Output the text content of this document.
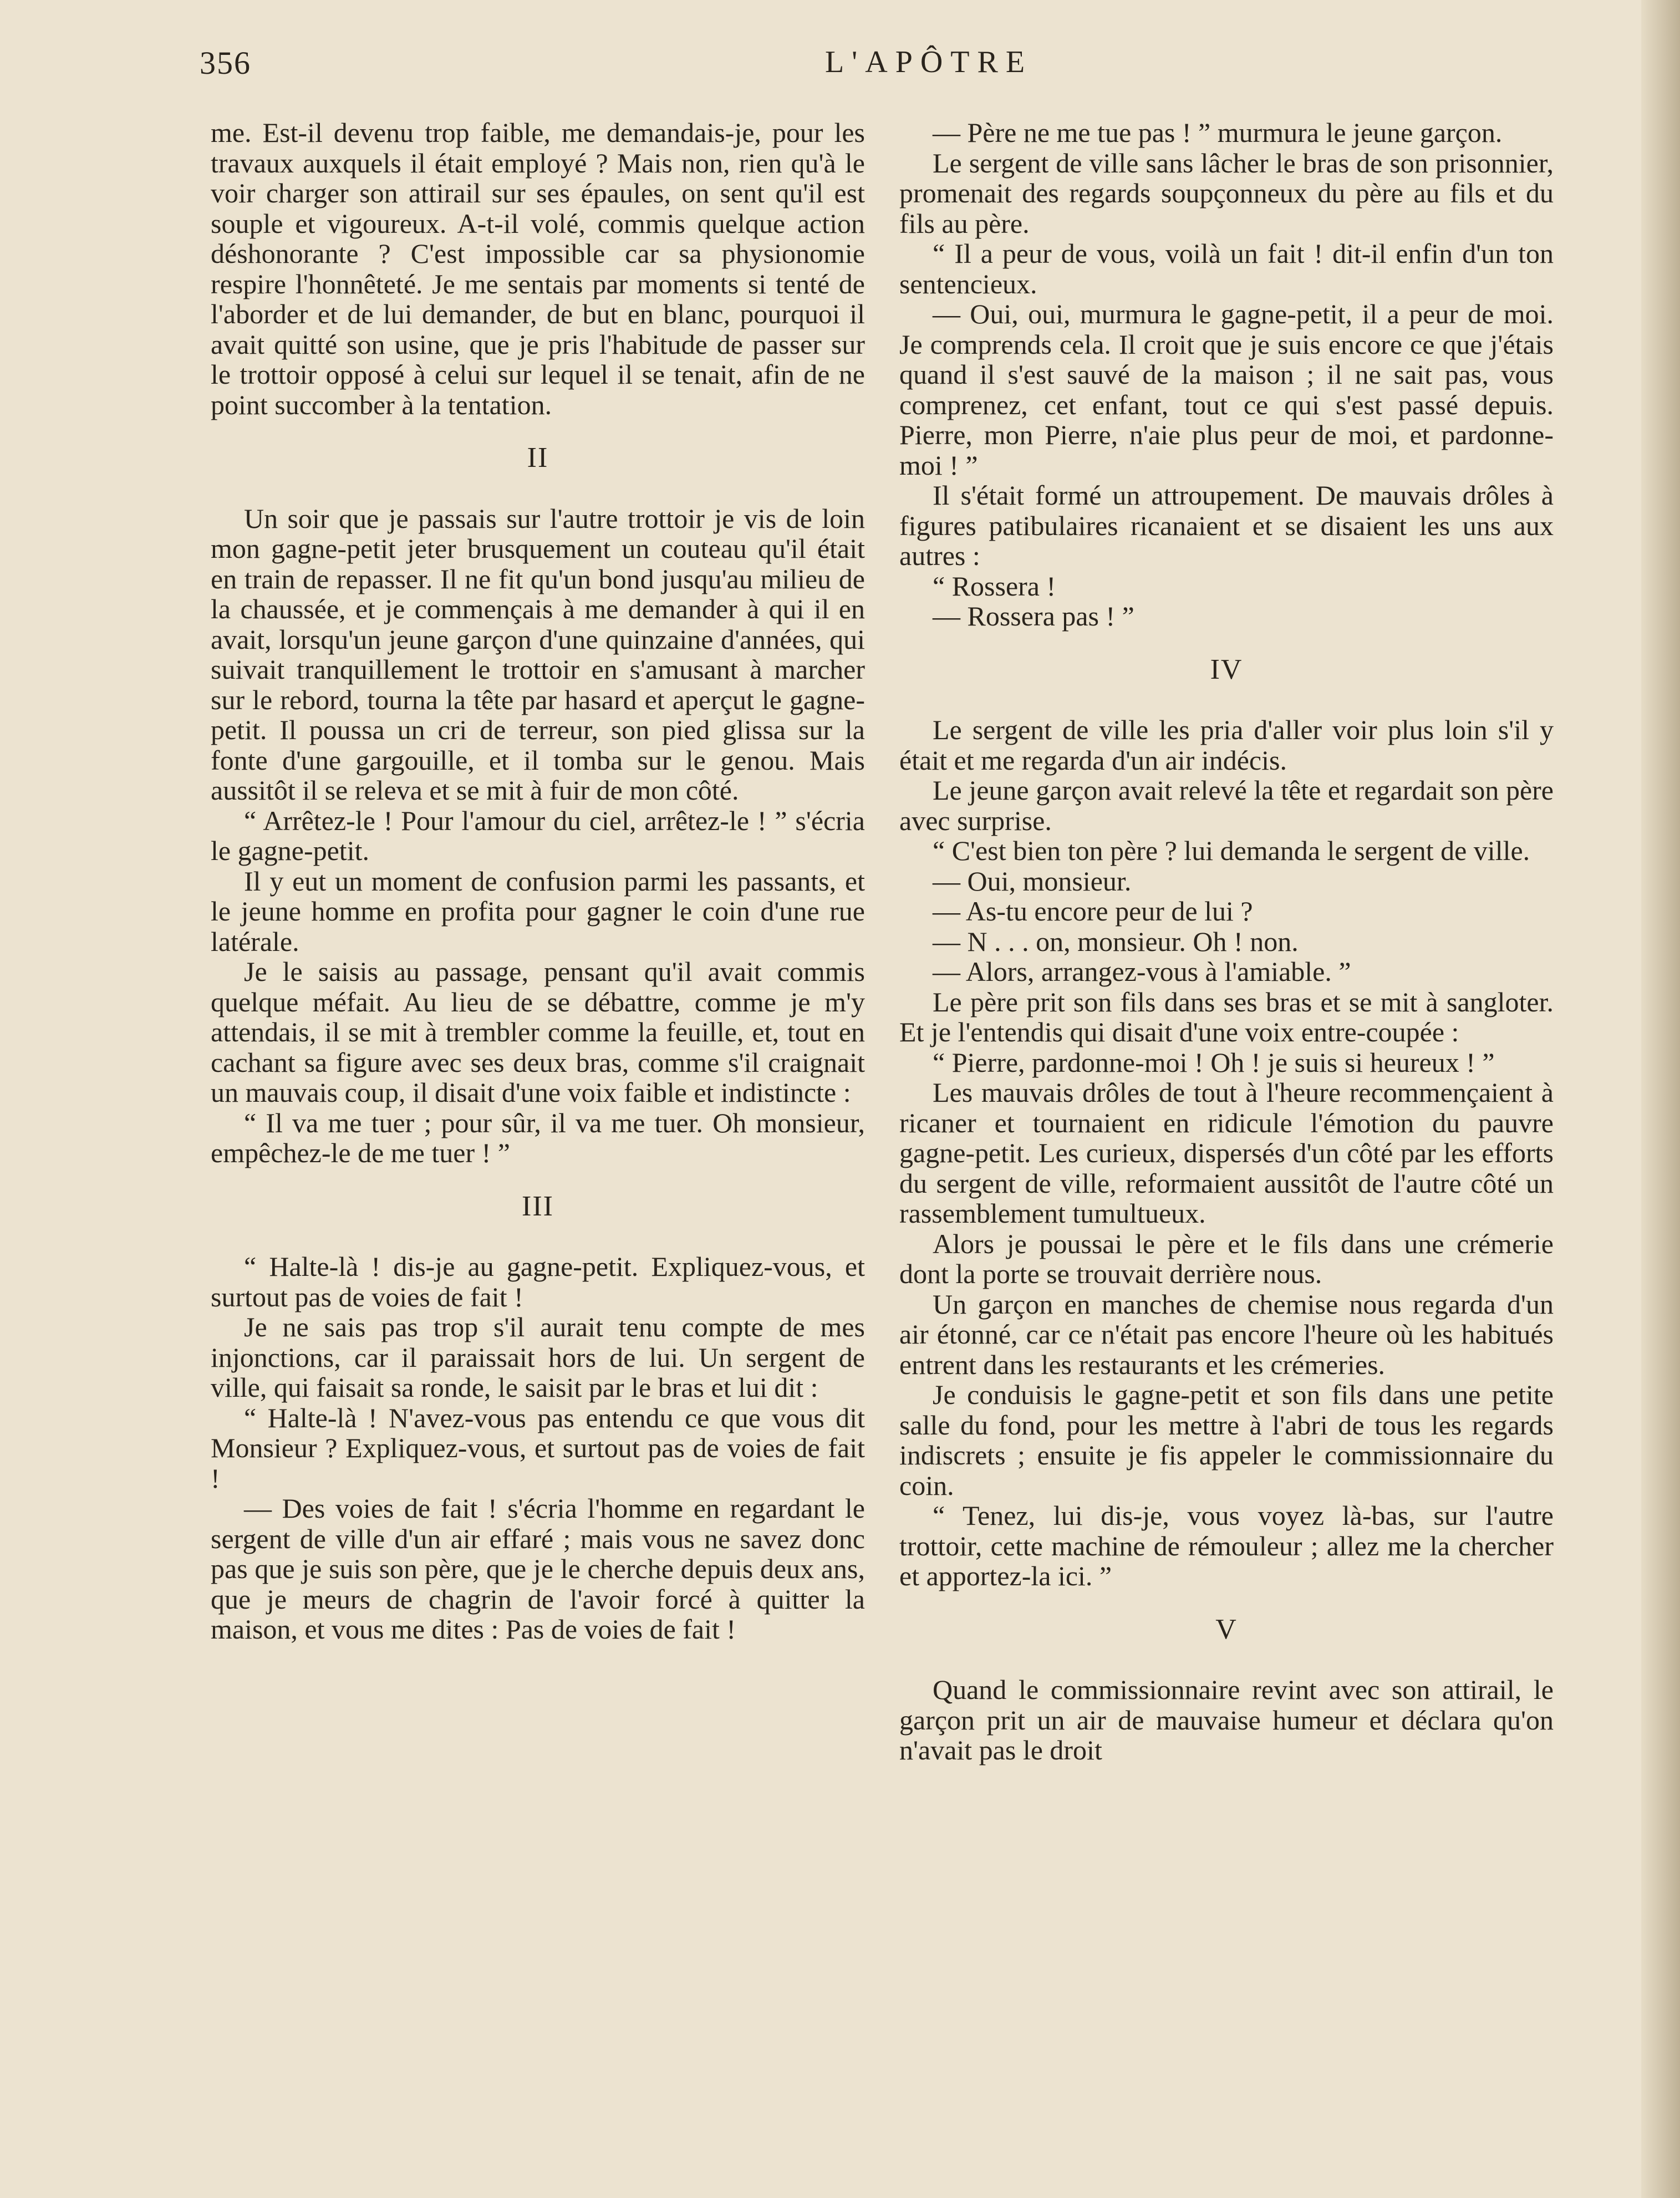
356	L'APÔTRE

me. Est-il devenu trop faible, me demandais-je, pour les travaux auxquels il était employé ? Mais non, rien qu'à le voir charger son attirail sur ses épaules, on sent qu'il est souple et vigoureux. A-t-il volé, commis quelque action déshonorante ? C'est impossible car sa physionomie respire l'honnêteté. Je me sentais par moments si tenté de l'aborder et de lui demander, de but en blanc, pourquoi il avait quitté son usine, que je pris l'habitude de passer sur le trottoir opposé à celui sur lequel il se tenait, afin de ne point succomber à la tentation.

II

Un soir que je passais sur l'autre trottoir je vis de loin mon gagne-petit jeter brusquement un couteau qu'il était en train de repasser. Il ne fit qu'un bond jusqu'au milieu de la chaussée, et je commençais à me demander à qui il en avait, lorsqu'un jeune garçon d'une quinzaine d'années, qui suivait tranquillement le trottoir en s'amusant à marcher sur le rebord, tourna la tête par hasard et aperçut le gagne-petit. Il poussa un cri de terreur, son pied glissa sur la fonte d'une gargouille, et il tomba sur le genou. Mais aussitôt il se releva et se mit à fuir de mon côté.

“ Arrêtez-le ! Pour l'amour du ciel, arrêtez-le ! ” s'écria le gagne-petit.

Il y eut un moment de confusion parmi les passants, et le jeune homme en profita pour gagner le coin d'une rue latérale.

Je le saisis au passage, pensant qu'il avait commis quelque méfait. Au lieu de se débattre, comme je m'y attendais, il se mit à trembler comme la feuille, et, tout en cachant sa figure avec ses deux bras, comme s'il craignait un mauvais coup, il disait d'une voix faible et indistincte :

“ Il va me tuer ; pour sûr, il va me tuer. Oh monsieur, empêchez-le de me tuer ! ”

III

“ Halte-là ! dis-je au gagne-petit. Expliquez-vous, et surtout pas de voies de fait !

Je ne sais pas trop s'il aurait tenu compte de mes injonctions, car il paraissait hors de lui. Un sergent de ville, qui faisait sa ronde, le saisit par le bras et lui dit :

“ Halte-là ! N'avez-vous pas entendu ce que vous dit Monsieur ? Expliquez-vous, et surtout pas de voies de fait !

— Des voies de fait ! s'écria l'homme en regardant le sergent de ville d'un air effaré ; mais vous ne savez donc pas que je suis son père, que je le cherche depuis deux ans, que je meurs de chagrin de l'avoir forcé à quitter la maison, et vous me dites : Pas de voies de fait !

— Père ne me tue pas ! ” murmura le jeune garçon.

Le sergent de ville sans lâcher le bras de son prisonnier, promenait des regards soupçonneux du père au fils et du fils au père.

“ Il a peur de vous, voilà un fait ! dit-il enfin d'un ton sentencieux.

— Oui, oui, murmura le gagne-petit, il a peur de moi. Je comprends cela. Il croit que je suis encore ce que j'étais quand il s'est sauvé de la maison ; il ne sait pas, vous comprenez, cet enfant, tout ce qui s'est passé depuis. Pierre, mon Pierre, n'aie plus peur de moi, et pardonne-moi ! ”

Il s'était formé un attroupement. De mauvais drôles à figures patibulaires ricanaient et se disaient les uns aux autres :

“ Rossera !

— Rossera pas ! ”

IV

Le sergent de ville les pria d'aller voir plus loin s'il y était et me regarda d'un air indécis.

Le jeune garçon avait relevé la tête et regardait son père avec surprise.

“ C'est bien ton père ? lui demanda le sergent de ville.

— Oui, monsieur.

— As-tu encore peur de lui ?

— N . . . on, monsieur. Oh ! non.

— Alors, arrangez-vous à l'amiable. ”

Le père prit son fils dans ses bras et se mit à sangloter. Et je l'entendis qui disait d'une voix entre-coupée :

“ Pierre, pardonne-moi ! Oh ! je suis si heureux ! ”

Les mauvais drôles de tout à l'heure recommençaient à ricaner et tournaient en ridicule l'émotion du pauvre gagne-petit. Les curieux, dispersés d'un côté par les efforts du sergent de ville, reformaient aussitôt de l'autre côté un rassemblement tumultueux.

Alors je poussai le père et le fils dans une crémerie dont la porte se trouvait derrière nous.

Un garçon en manches de chemise nous regarda d'un air étonné, car ce n'était pas encore l'heure où les habitués entrent dans les restaurants et les crémeries.

Je conduisis le gagne-petit et son fils dans une petite salle du fond, pour les mettre à l'abri de tous les regards indiscrets ; ensuite je fis appeler le commissionnaire du coin.

“ Tenez, lui dis-je, vous voyez là-bas, sur l'autre trottoir, cette machine de rémouleur ; allez me la chercher et apportez-la ici. ”

V

Quand le commissionnaire revint avec son attirail, le garçon prit un air de mauvaise humeur et déclara qu'on n'avait pas le droit
